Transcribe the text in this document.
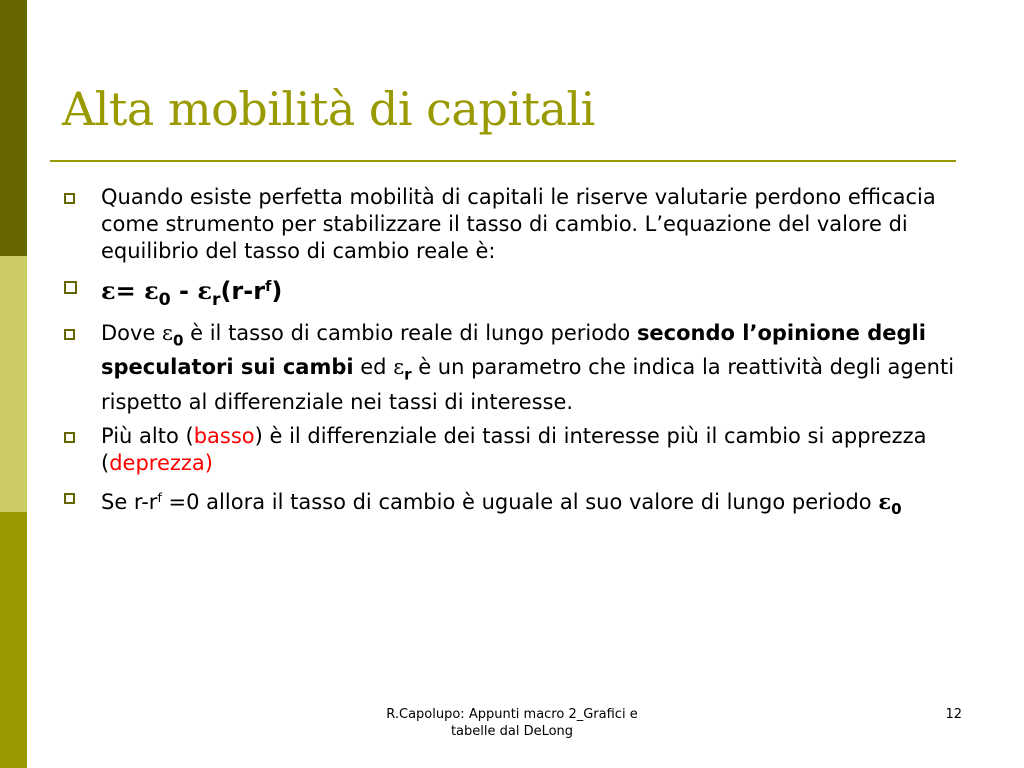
Alta mobilità di capitali
Quando esiste perfetta mobilità di capitali le riserve valutarie perdono efficacia come strumento per stabilizzare il tasso di cambio. L’equazione del valore di equilibrio del tasso di cambio reale è:
$\varepsilon= \varepsilon_0 - \varepsilon_r(r-r^f)$
Dove $\varepsilon_0$ è il tasso di cambio reale di lungo periodo secondo l’opinione degli speculatori sui cambi ed $\varepsilon_r$ è un parametro che indica la reattività degli agenti rispetto al differenziale nei tassi di interesse.
Più alto (basso) è il differenziale dei tassi di interesse più il cambio si apprezza (deprezza)
Se $r-r^f =0$ allora il tasso di cambio è uguale al suo valore di lungo periodo $\varepsilon_0$
R.Capolupo: Appunti macro 2_Grafici e tabelle dal DeLong
12
